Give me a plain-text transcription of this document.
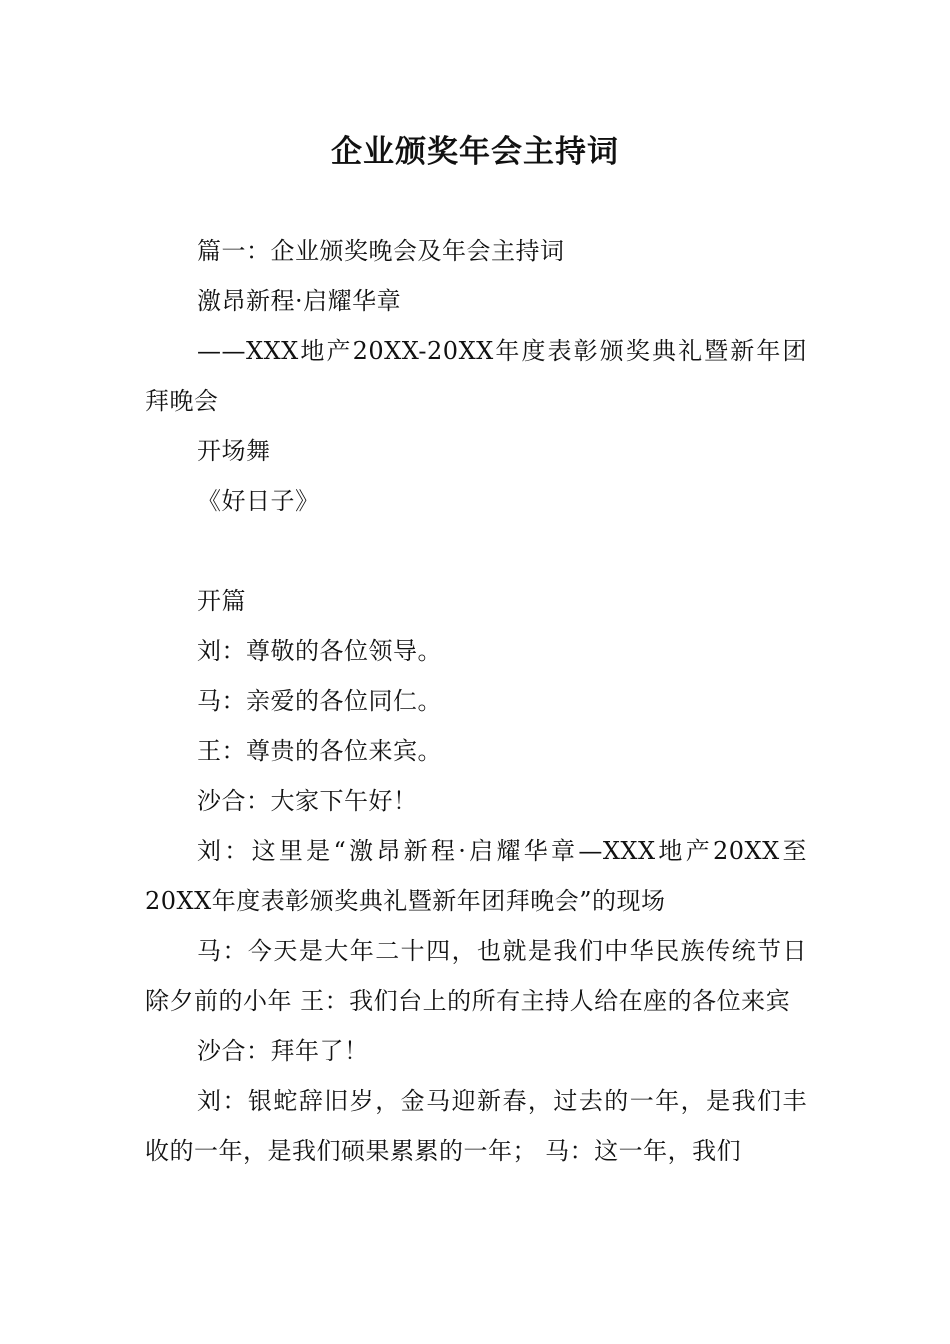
企业颁奖年会主持词

篇一：企业颁奖晚会及年会主持词

激昂新程·启耀华章

——XXX地产20XX-20XX年度表彰颁奖典礼暨新年团拜晚会

开场舞

《好日子》

开篇

刘：尊敬的各位领导。

马：亲爱的各位同仁。

王：尊贵的各位来宾。

沙合：大家下午好！

刘：这里是“激昂新程·启耀华章—XXX地产20XX至20XX年度表彰颁奖典礼暨新年团拜晚会”的现场

马：今天是大年二十四，也就是我们中华民族传统节日除夕前的小年 王：我们台上的所有主持人给在座的各位来宾

沙合：拜年了！

刘：银蛇辞旧岁，金马迎新春，过去的一年，是我们丰收的一年，是我们硕果累累的一年； 马：这一年，我们
